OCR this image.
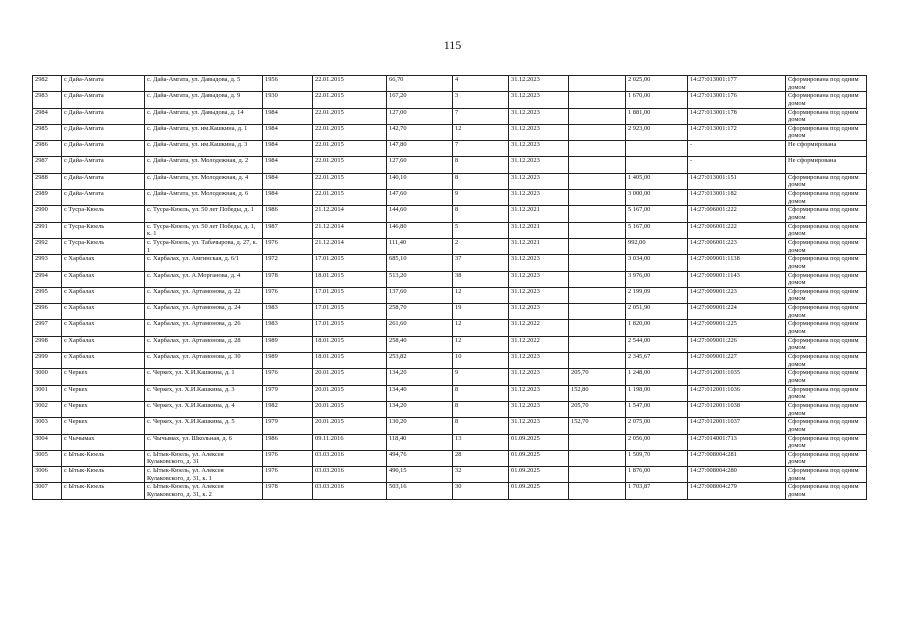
115
2982	с Дайа-Амгата	с. Дайа-Амгата, ул. Давыдова, д. 5	1956	22.01.2015	66,70	4	31.12.2023		2 025,00	14:27:013001:177	Сформирована под одним домом
2983	с Дайа-Амгата	с. Дайа-Амгата, ул. Давыдова, д. 9	1930	22.01.2015	167,20	3	31.12.2023		1 670,00	14:27:013001:176	Сформирована под одним домом
2984	с Дайа-Амгата	с. Дайа-Амгата, ул. Давыдова, д. 14	1984	22.01.2015	127,00	7	31.12.2023		1 881,00	14:27:013001:178	Сформирована под одним домом
2985	с Дайа-Амгата	с. Дайа-Амгата, ул. им.Кашкина, д. 1	1984	22.01.2015	142,70	12	31.12.2023		2 923,00	14:27:013001:172	Сформирована под одним домом
2986	с Дайа-Амгата	с. Дайа-Амгата, ул. им.Кашкина, д. 3	1984	22.01.2015	147,80	7	31.12.2023			-	Не сформирована
2987	с Дайа-Амгата	с. Дайа-Амгата, ул. Молодежная, д. 2	1984	22.01.2015	127,60	8	31.12.2023			-	Не сформирована
2988	с Дайа-Амгата	с. Дайа-Амгата, ул. Молодежная, д. 4	1984	22.01.2015	140,10	8	31.12.2023		1 405,00	14:27:013001:151	Сформирована под одним домом
2989	с Дайа-Амгата	с. Дайа-Амгата, ул. Молодежная, д. 6	1984	22.01.2015	147,60	9	31.12.2023		3 000,00	14:27:013001:182	Сформирована под одним домом
2990	с Тусра-Кюель	с. Тусра-Кюель, ул. 50 лет Победы, д. 1	1986	21.12.2014	144,60	8	31.12.2021		5 167,00	14:27:006001:222	Сформирована под одним домом
2991	с Тусра-Кюель	с. Тусра-Кюель, ул. 50 лет Победы, д. 1, к. 1	1987	21.12.2014	146,80	5	31.12.2021		5 167,00	14:27:006001:222	Сформирована под одним домом
2992	с Тусра-Кюель	с. Тусра-Кюель, ул. Табачырова, д. 27, к. 1	1976	21.12.2014	111,40	2	31.12.2021		992,00	14:27:006001:223	Сформирована под одним домом
2993	с Харбалах	с. Харбалах, ул. Амгинская, д. 6/1	1972	17.01.2015	685,10	37	31.12.2023		3 034,00	14:27:009001:1138	Сформирована под одним домом
2994	с Харбалах	с. Харбалах, ул. А.Морганова, д. 4	1978	18.01.2015	513,20	38	31.12.2023		3 976,00	14:27:009001:1143	Сформирована под одним домом
2995	с Харбалах	с. Харбалах, ул. Артамонова, д. 22	1976	17.01.2015	137,60	12	31.12.2023		2 199,09	14:27:009001:223	Сформирована под одним домом
2996	с Харбалах	с. Харбалах, ул. Артамонова, д. 24	1983	17.01.2015	258,70	19	31.12.2023		2 051,90	14:27:009001:224	Сформирована под одним домом
2997	с Харбалах	с. Харбалах, ул. Артамонова, д. 26	1983	17.01.2015	261,60	12	31.12.2022		1 820,00	14:27:009001:225	Сформирована под одним домом
2998	с Харбалах	с. Харбалах, ул. Артамонова, д. 28	1989	18.01.2015	258,40	12	31.12.2022		2 544,00	14:27:009001:226	Сформирована под одним домом
2999	с Харбалах	с. Харбалах, ул. Артамонова, д. 30	1989	18.01.2015	253,82	10	31.12.2023		2 345,67	14:27:009001:227	Сформирована под одним домом
3000	с Черкех	с. Черкех, ул. Х.И.Кашкина, д. 1	1976	20.01.2015	134,20	9	31.12.2023	205,70	1 248,00	14:27:012001:1035	Сформирована под одним домом
3001	с Черкех	с. Черкех, ул. Х.И.Кашкина, д. 3	1979	20.01.2015	134,40	8	31.12.2023	152,80	1 198,00	14:27:012001:1036	Сформирована под одним домом
3002	с Черкех	с. Черкех, ул. Х.И.Кашкина, д. 4	1982	20.01.2015	134,20	8	31.12.2023	205,70	1 547,00	14:27:012001:1038	Сформирована под одним домом
3003	с Черкех	с. Черкех, ул. Х.И.Кашкина, д. 5	1979	20.01.2015	130,20	8	31.12.2023	152,70	2 075,00	14:27:012001:1037	Сформирована под одним домом
3004	с Чычымах	с. Чычымах, ул. Школьная, д. 6	1986	09.11.2016	118,40	13	01.09.2025		2 056,00	14:27:014001:713	Сформирована под одним домом
3005	с Ытык-Кюель	с. Ытык-Кюель, ул. Алексея Кулаковского, д. 31	1976	03.03.2016	494,76	28	01.09.2025		1 509,70	14:27:008004:281	Сформирована под одним домом
3006	с Ытык-Кюель	с. Ытык-Кюель, ул. Алексея Кулаковского, д. 31, к. 1	1976	03.03.2016	490,15	32	01.09.2025		1 876,00	14:27:008004:280	Сформирована под одним домом
3007	с Ытык-Кюель	с. Ытык-Кюель, ул. Алексея Кулаковского, д. 31, к. 2	1978	03.03.2016	503,16	30	01.09.2025		1 703,87	14:27:008004:279	Сформирована под одним домом
